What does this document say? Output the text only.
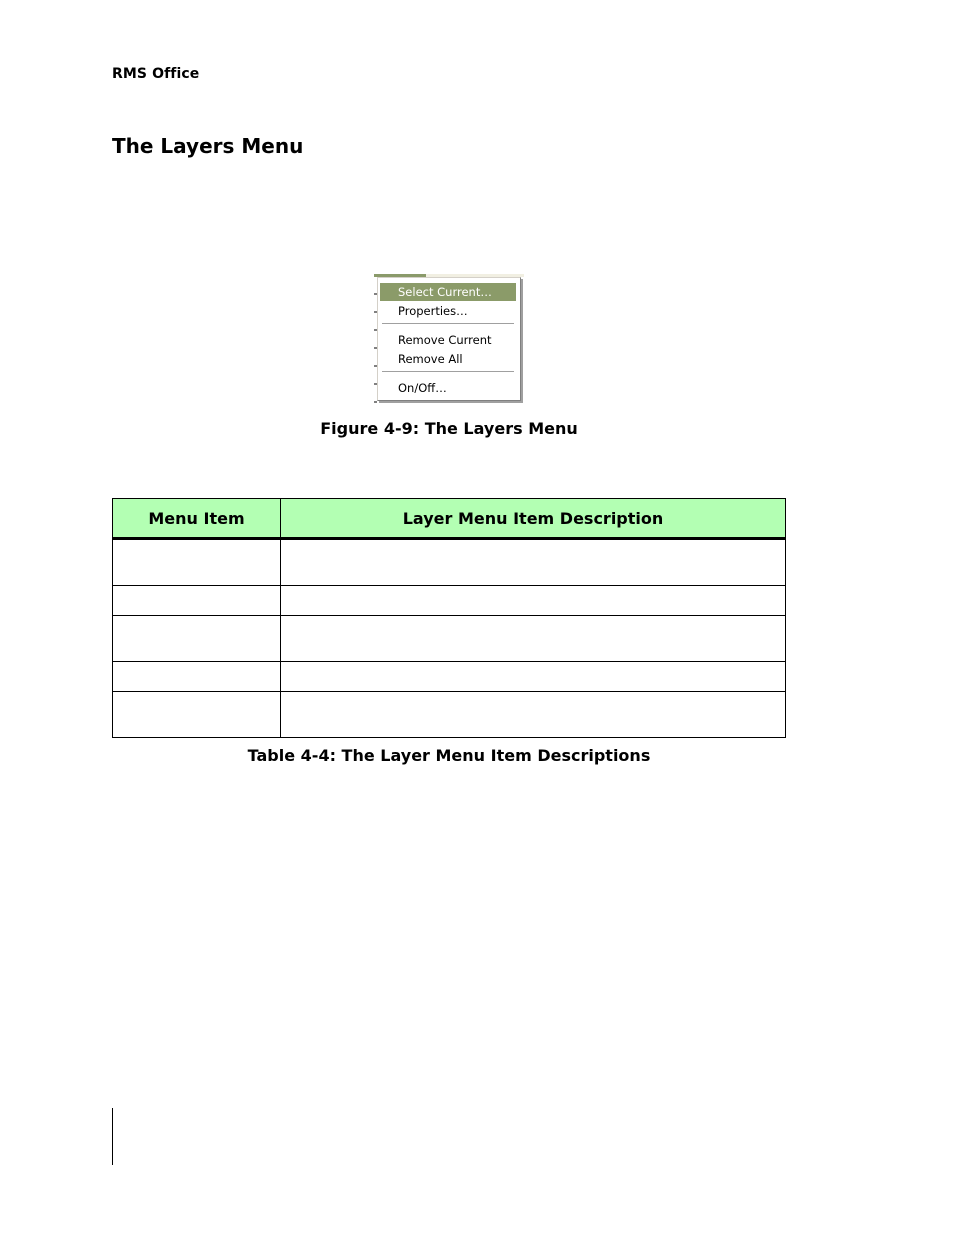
RMS Office
The Layers Menu
Select Current…
Properties…
Remove Current
Remove All
On/Off…
Figure 4-9: The Layers Menu
Menu Item	Layer Menu Item Description

Table 4-4: The Layer Menu Item Descriptions
